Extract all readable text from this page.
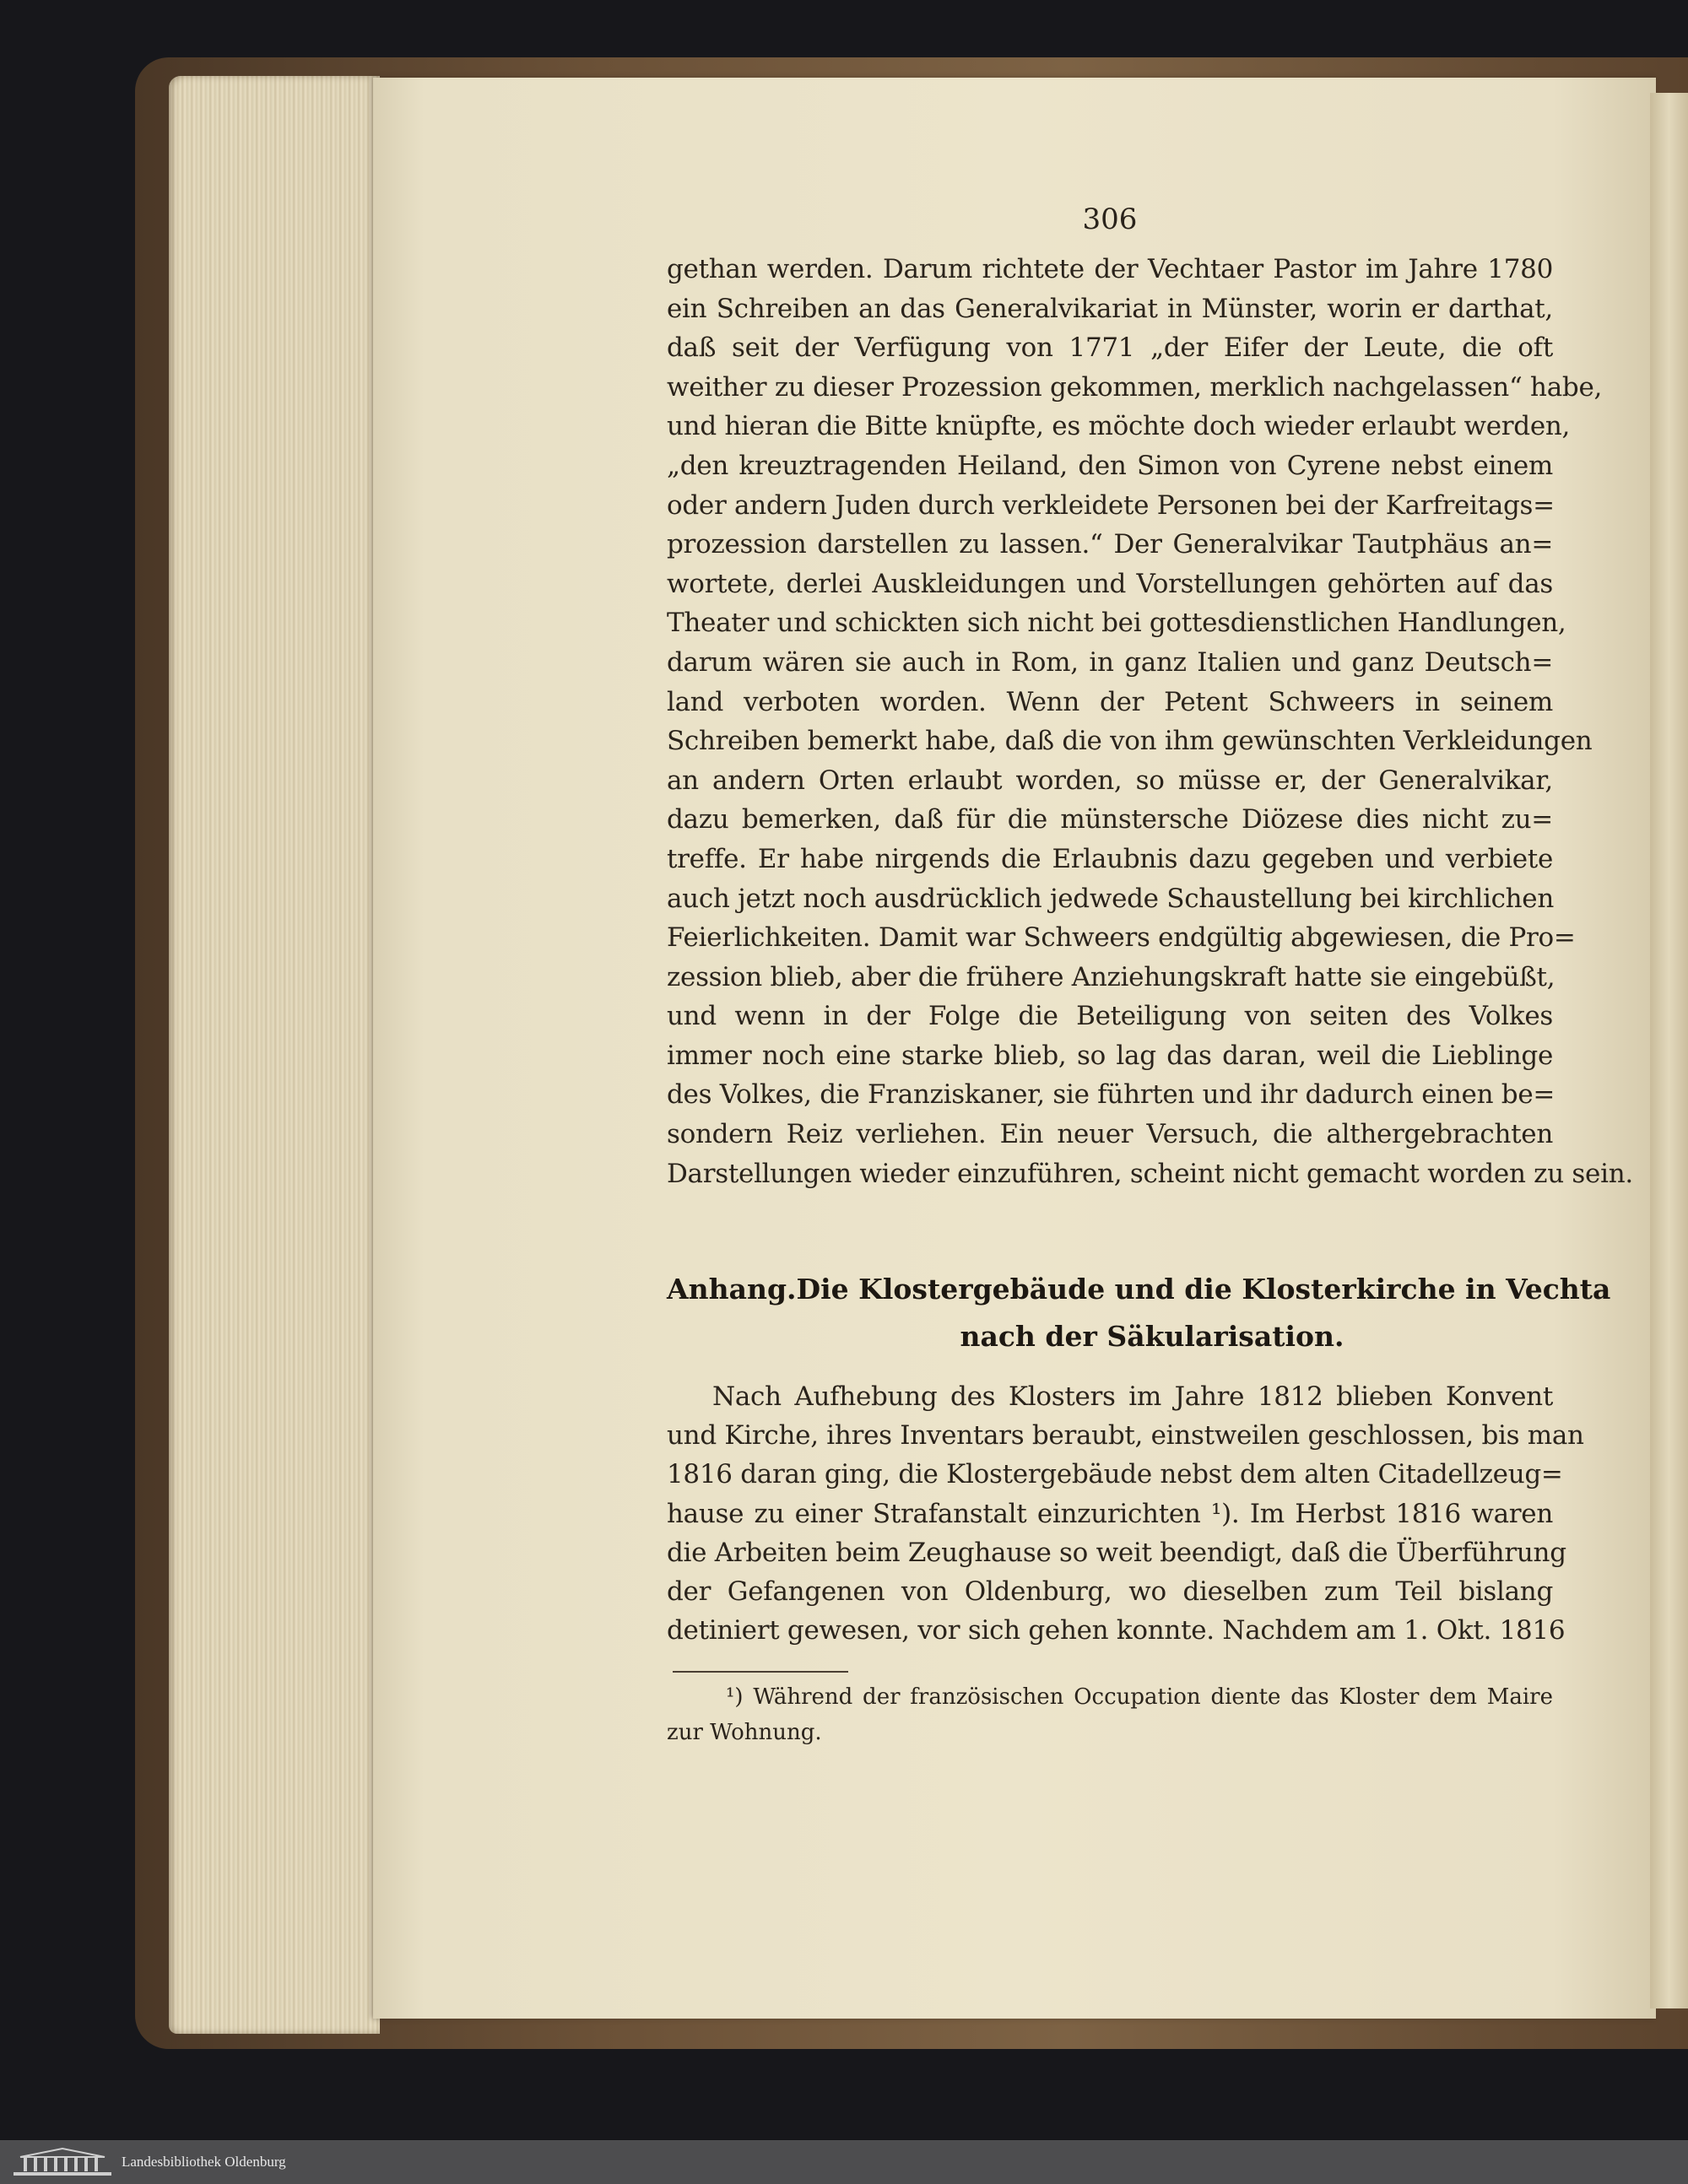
306

gethan werden. Darum richtete der Vechtaer Pastor im Jahre 1780

ein Schreiben an das Generalvikariat in Münster, worin er darthat,

daß seit der Verfügung von 1771 „der Eifer der Leute, die oft

weither zu dieser Prozession gekommen, merklich nachgelassen“ habe,

und hieran die Bitte knüpfte, es möchte doch wieder erlaubt werden,

„den kreuztragenden Heiland, den Simon von Cyrene nebst einem

oder andern Juden durch verkleidete Personen bei der Karfreitags=

prozession darstellen zu lassen.“ Der Generalvikar Tautphäus an=

wortete, derlei Auskleidungen und Vorstellungen gehörten auf das

Theater und schickten sich nicht bei gottesdienstlichen Handlungen,

darum wären sie auch in Rom, in ganz Italien und ganz Deutsch=

land verboten worden. Wenn der Petent Schweers in seinem

Schreiben bemerkt habe, daß die von ihm gewünschten Verkleidungen

an andern Orten erlaubt worden, so müsse er, der Generalvikar,

dazu bemerken, daß für die münstersche Diözese dies nicht zu=

treffe. Er habe nirgends die Erlaubnis dazu gegeben und verbiete

auch jetzt noch ausdrücklich jedwede Schaustellung bei kirchlichen

Feierlichkeiten. Damit war Schweers endgültig abgewiesen, die Pro=

zession blieb, aber die frühere Anziehungskraft hatte sie eingebüßt,

und wenn in der Folge die Beteiligung von seiten des Volkes

immer noch eine starke blieb, so lag das daran, weil die Lieblinge

des Volkes, die Franziskaner, sie führten und ihr dadurch einen be=

sondern Reiz verliehen. Ein neuer Versuch, die althergebrachten

Darstellungen wieder einzuführen, scheint nicht gemacht worden zu sein.

Anhang. Die Klostergebäude und die Klosterkirche in Vechta
nach der Säkularisation.

Nach Aufhebung des Klosters im Jahre 1812 blieben Konvent

und Kirche, ihres Inventars beraubt, einstweilen geschlossen, bis man

1816 daran ging, die Klostergebäude nebst dem alten Citadellzeug=

hause zu einer Strafanstalt einzurichten ¹). Im Herbst 1816 waren

die Arbeiten beim Zeughause so weit beendigt, daß die Überführung

der Gefangenen von Oldenburg, wo dieselben zum Teil bislang

detiniert gewesen, vor sich gehen konnte. Nachdem am 1. Okt. 1816

¹) Während der französischen Occupation diente das Kloster dem Maire

zur Wohnung.

Landesbibliothek Oldenburg
